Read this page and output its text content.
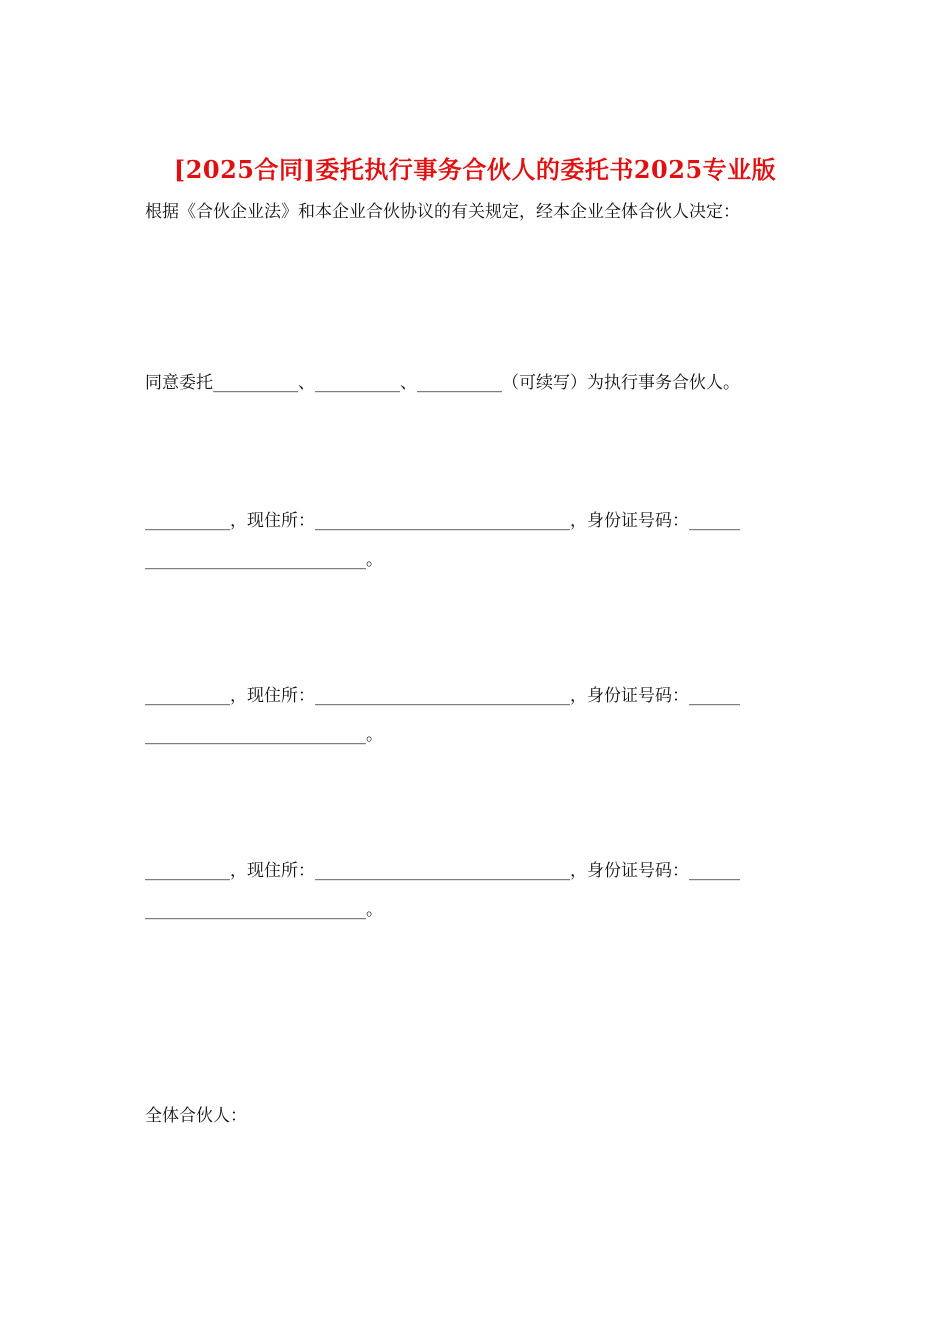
[2025合同]委托执行事务合伙人的委托书2025专业版
根据《合伙企业法》和本企业合伙协议的有关规定，经本企业全体合伙人决定：
同意委托__________、__________、__________（可续写）为执行事务合伙人。
__________，现住所：______________________________，身份证号码：______
__________________________。
__________，现住所：______________________________，身份证号码：______
__________________________。
__________，现住所：______________________________，身份证号码：______
__________________________。
全体合伙人：
